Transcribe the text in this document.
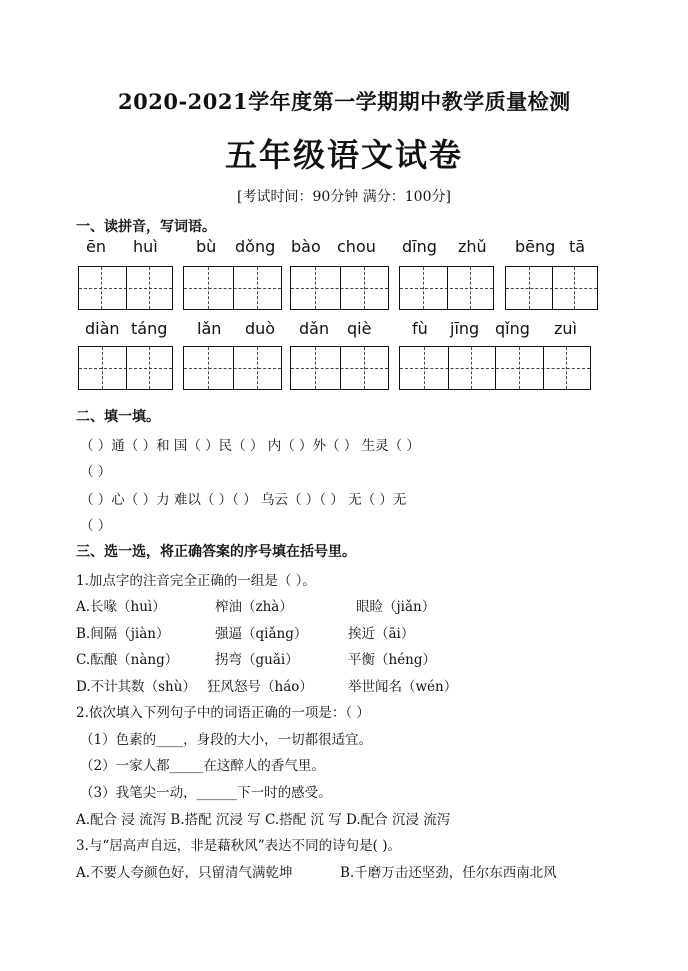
2020-2021学年度第一学期期中教学质量检测
五年级语文试卷
[考试时间：90分钟 满分：100分]
一、读拼音，写词语。
ēn huì bù dǒng bào chou dīng zhǔ bēng tā
diàn táng lǎn duò dǎn qiè	fù jīng qǐng zuì
二、填一填。
（ ）通（ ）和 国（ ）民（ ） 内（ ）外（ ） 生灵（ ）
（ ）
（ ）心（ ）力 难以（ ）（ ） 乌云（ ）（ ） 无（ ）无
（ ）
三、选一选，将正确答案的序号填在括号里。
1.加点字的注音完全正确的一组是（ ）。
A.长喙（huì）	榨油（zhà）	眼睑（jiǎn）
B.间隔（jiàn）	强逼（qiǎng）	挨近（āi）
C.酝酿（nàng）	拐弯（guǎi）	平衡（héng）
D.不计其数（shù） 狂风怒号（háo）	举世闻名（wén）
2.依次填入下列句子中的词语正确的一项是：（ ）
（1）色素的____，身段的大小，一切都很适宜。
（2）一家人都_____在这醉人的香气里。
（3）我笔尖一动，______下一时的感受。
A.配合 浸 流泻 B.搭配 沉浸 写 C.搭配 沉 写 D.配合 沉浸 流泻
3.与“居高声自远，非是藉秋风”表达不同的诗句是( )。
A.不要人夸颜色好，只留清气满乾坤	B.千磨万击还坚劲，任尔东西南北风
